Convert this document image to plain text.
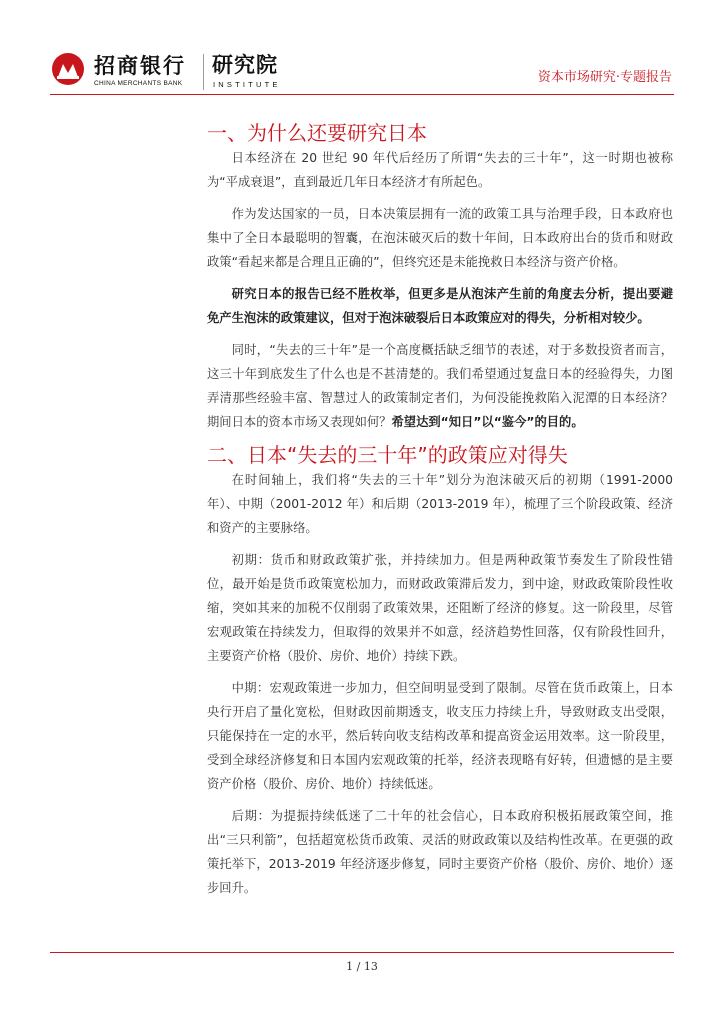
招商银行
CHINA MERCHANTS BANK
研究院
INSTITUTE	资本市场研究·专题报告
一、为什么还要研究日本

日本经济在 20 世纪 90 年代后经历了所谓“失去的三十年”，这一时期也被称为“平成衰退”，直到最近几年日本经济才有所起色。

作为发达国家的一员，日本决策层拥有一流的政策工具与治理手段，日本政府也集中了全日本最聪明的智囊，在泡沫破灭后的数十年间，日本政府出台的货币和财政政策“看起来都是合理且正确的”，但终究还是未能挽救日本经济与资产价格。

研究日本的报告已经不胜枚举，但更多是从泡沫产生前的角度去分析，提出要避免产生泡沫的政策建议，但对于泡沫破裂后日本政策应对的得失，分析相对较少。

同时，“失去的三十年”是一个高度概括缺乏细节的表述，对于多数投资者而言，这三十年到底发生了什么也是不甚清楚的。我们希望通过复盘日本的经验得失，力图弄清那些经验丰富、智慧过人的政策制定者们，为何没能挽救陷入泥潭的日本经济？期间日本的资本市场又表现如何？希望达到“知日”以“鉴今”的目的。

二、日本“失去的三十年”的政策应对得失

在时间轴上，我们将“失去的三十年”划分为泡沫破灭后的初期（1991-2000 年）、中期（2001-2012 年）和后期（2013-2019 年），梳理了三个阶段政策、经济和资产的主要脉络。

初期：货币和财政政策扩张，并持续加力。但是两种政策节奏发生了阶段性错位，最开始是货币政策宽松加力，而财政政策滞后发力，到中途，财政政策阶段性收缩，突如其来的加税不仅削弱了政策效果，还阻断了经济的修复。这一阶段里，尽管宏观政策在持续发力，但取得的效果并不如意，经济趋势性回落，仅有阶段性回升，主要资产价格（股价、房价、地价）持续下跌。

中期：宏观政策进一步加力，但空间明显受到了限制。尽管在货币政策上，日本央行开启了量化宽松，但财政因前期透支，收支压力持续上升，导致财政支出受限，只能保持在一定的水平，然后转向收支结构改革和提高资金运用效率。这一阶段里，受到全球经济修复和日本国内宏观政策的托举，经济表现略有好转，但遗憾的是主要资产价格（股价、房价、地价）持续低迷。

后期：为提振持续低迷了二十年的社会信心，日本政府积极拓展政策空间，推出“三只利箭”，包括超宽松货币政策、灵活的财政政策以及结构性改革。在更强的政策托举下，2013-2019 年经济逐步修复，同时主要资产价格（股价、房价、地价）逐步回升。

1 / 13
